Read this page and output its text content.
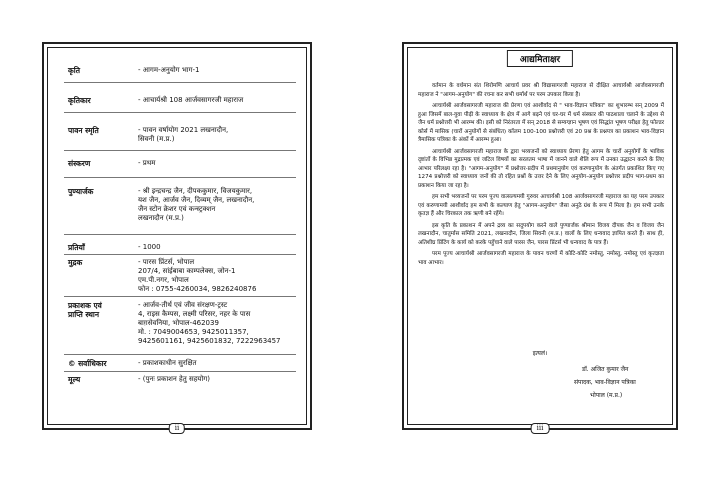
कृति	- आगम-अनुयोग भाग-1
कृतिकार	- आचार्यश्री 108 आर्जवसागरजी महाराज
पावन स्मृति	- पावन वर्षायोग 2021 लखनादौन,
सिवनी (म.प्र.)
संस्करण	- प्रथम
पुण्यार्जक	- श्री इन्द्रचन्द्र जैन, दीपककुमार, विजयकुमार,
यश जैन, आर्जव जैन, दिव्यम् जैन, लखनादौन,
जैन स्टोन क्रेशर एवं कन्स्ट्रक्शन
लखनादौन (म.प्र.)
प्रतियाँ	- 1000
मुद्रक	- पारस प्रिंटर्स, भोपाल
207/4, सांईबाबा काम्पलेक्स, जोन-1
एम.पी.नगर, भोपाल
फोन : 0755-4260034, 9826240876
प्रकाशक एवं
प्राप्ति स्थान
- आर्जव-तीर्थ एवं जीव संरक्षण-ट्रस्ट
4, राइस कैम्पस, लक्ष्मी परिसर, नहर के पास
बाग़सेवनिया, भोपाल-462039
मो. : 7049004653, 9425011357,
9425601161, 9425601832, 7222963457
© सर्वाधिकार	- प्रकाशकाधीन सुरक्षित
मूल्य	- (पुनः प्रकाशन हेतु सहयोग)
ii
आद्यमिताक्षर

वर्तमान के वर्धमान संत शिरोमणि आचार्य प्रवर श्री विद्यासागरजी महाराज से दीक्षित आचार्यश्री आर्जवसागरजी महाराज ने "आगम-अनुयोग" की रचना कर सभी धर्मार्थ पर परम उपकार किया है।

आचार्यश्री आर्जवसागरजी महाराज की प्रेरणा एवं आशीर्वाद से " भाव-विज्ञान पत्रिका" का शुभारम्भ सन् 2009 में हुआ जिसमें बाल-युवा पीढ़ी के स्वाध्याय के क्षेत्र में आगे बढ़ने एवं घर-घर में धर्म संस्कार की पाठशाला चलाने के उद्देश्य से जैन धर्म प्रश्नोत्तरी भी आरम्भ की। इसी को निरंतरता में सन् 2018 से सम्यग्ज्ञान भूषण एवं सिद्धांत भूषण परीक्षा हेतु फोल्डर कोर्स में मासिक (चारों अनुयोगों से संबंधित) कॉलम 100-100 प्रश्नोत्तरी एवं 20 प्रश्न के प्रश्नपत्र का प्रकाशन भाव-विज्ञान त्रैमासिक पत्रिका के अंकों में आरम्भ हुआ।

आचार्यश्री आर्जवसागरजी महाराज के द्वारा भव्यजनों को स्वाध्याय प्रेरणा हेतु आगम के चारों अनुयोगों के भाविक दृष्टांतों के विभिन्न मुद्रात्मक एवं जटिल विषयों का सरलतम भाषा में जानने वाले शैलि रूप में उनका उद्धाटन करने के लिए आभार परिलक्ष्य रहा है। "आगम-अनुयोग" में प्रश्नोत्तर-प्रदीप में प्रथमानुयोग एवं करणानुयोग के अंतर्गत प्रकाशित किए गए 1274 प्रश्नोत्तरी को स्वाध्याय जनों की तो रहित प्रश्नों के उत्तर देने के लिए अनुयोग-अनुयोग प्रश्नोत्तर प्रदीप भाग-प्रथम का प्रकाशन किया जा रहा है।

हम सभी भव्यजनों पर परम पूज्य वात्सल्यमयी गुरुवर आचार्यश्री 108 आर्जवसागरजी महाराज का यह परम उपकार एवं करुणामयी आशीर्वाद हम सभी के कल्याण हेतु "आगम-अनुयोग" जैसा अनुठे ग्रंथ के रूप में मिला है। हम सभी उनके कृतज्ञ हैं और चिरकाल तक ऋणी बने रहेंगे।

इस कृति के प्रकाशन में अपने द्रव्य का सदुपयोग करने वाले पुण्यार्जक श्रीमान विजय दीपक जैन व विजय जैन लखनादौन, चातुर्मास समिति 2021, लखनादौन, जिला सिवनी (म.प्र.) वालों के लिए धन्यवाद ज्ञापित करते हैं। साथ ही, अतिशीघ्र प्रिंटिंग के कार्य को करके पहुँचाने वाले पारस जैन, पारस प्रिंटर्स भी धन्यवाद के पात्र हैं।

परम पूज्य आचार्यश्री आर्जवसागरजी महाराज के पावन चरणों में कोटि-कोटि नमोस्तु, नमोस्तु, नमोस्तु एवं कृतज्ञता भाव आभार।

इत्यलं।
डॉ. अजित कुमार जैन
संपादक, भाव-विज्ञान पत्रिका
भोपाल (म.प्र.)
iii
